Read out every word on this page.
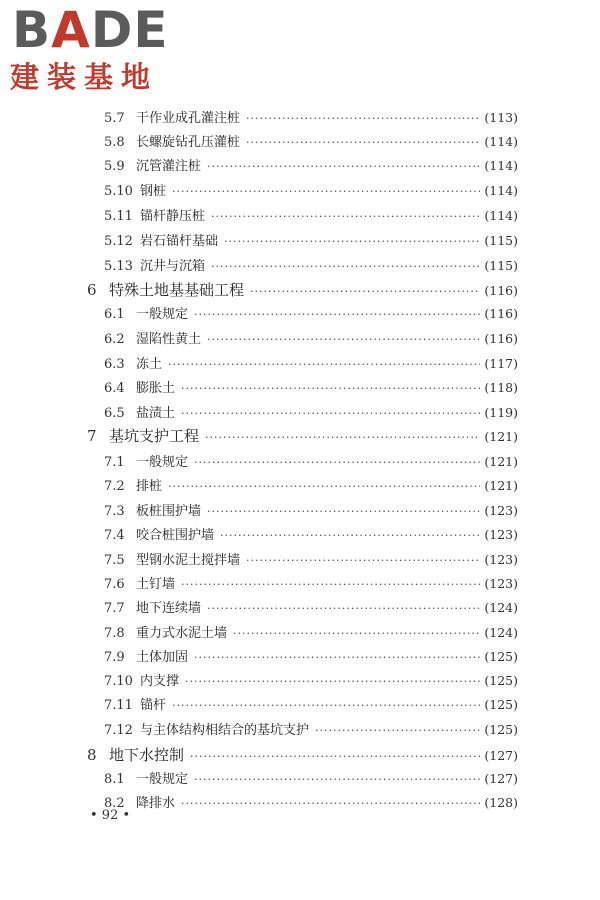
BADE
建装基地
5.7 干作业成孔灌注桩 ·····	(113)
5.8 长螺旋钻孔压灌桩 ·····	(114)
5.9 沉管灌注桩 ·····	(114)
5.10 钢桩 ·····	(114)
5.11 锚杆静压桩 ·····	(114)
5.12 岩石锚杆基础 ·····	(115)
5.13 沉井与沉箱 ·····	(115)
6 特殊土地基基础工程 ·····	(116)
6.1 一般规定 ·····	(116)
6.2 湿陷性黄土 ·····	(116)
6.3 冻土 ·····	(117)
6.4 膨胀土 ·····	(118)
6.5 盐渍土 ·····	(119)
7 基坑支护工程 ·····	(121)
7.1 一般规定 ·····	(121)
7.2 排桩 ·····	(121)
7.3 板桩围护墙 ·····	(123)
7.4 咬合桩围护墙 ·····	(123)
7.5 型钢水泥土搅拌墙 ·····	(123)
7.6 土钉墙 ·····	(123)
7.7 地下连续墙 ·····	(124)
7.8 重力式水泥土墙 ·····	(124)
7.9 土体加固 ·····	(125)
7.10 内支撑 ·····	(125)
7.11 锚杆 ·····	(125)
7.12 与主体结构相结合的基坑支护 ·····	(125)
8 地下水控制 ·····	(127)
8.1 一般规定 ·····	(127)
8.2 降排水 ·····	(128)
• 92 •
